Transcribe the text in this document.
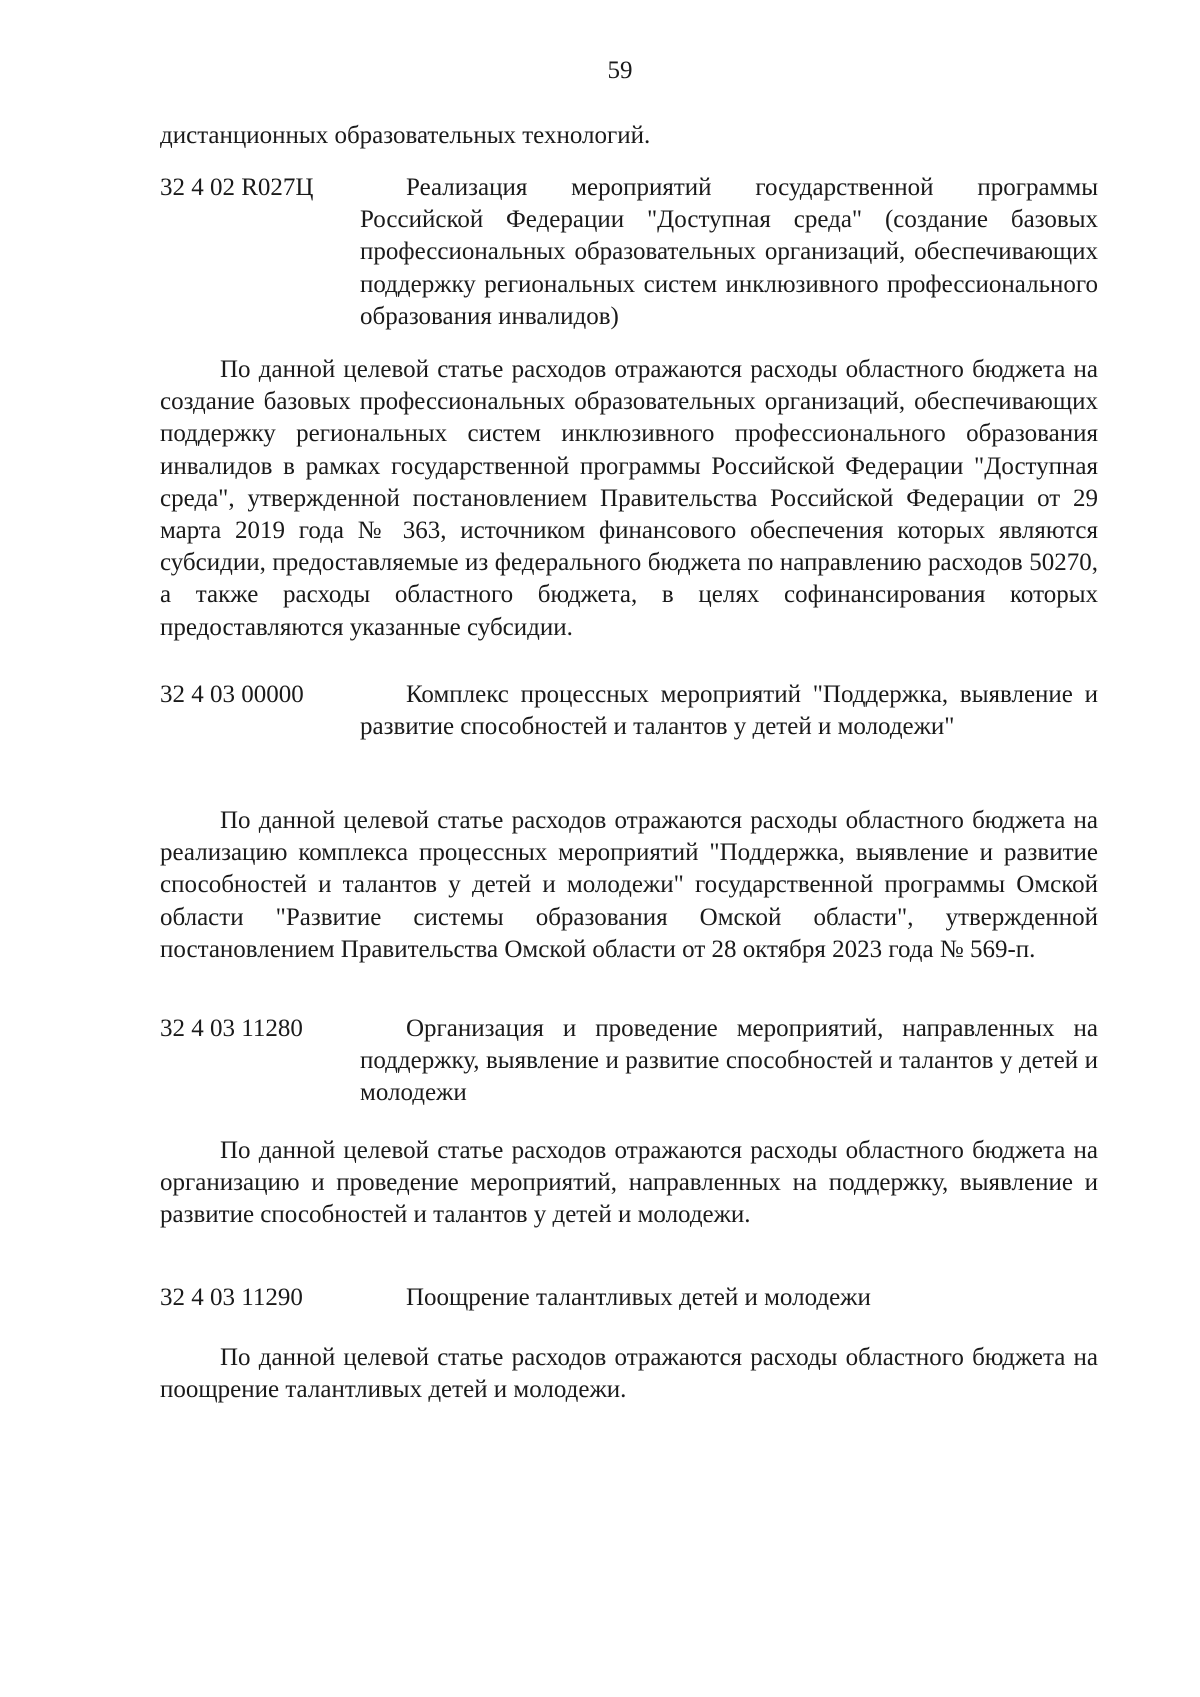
59

дистанционных образовательных технологий.

32 4 02 R027Ц	Реализация мероприятий государственной программы Российской Федерации "Доступная среда" (создание базовых профессиональных образовательных организаций, обеспечивающих поддержку региональных систем инклюзивного профессионального образования инвалидов)

По данной целевой статье расходов отражаются расходы областного бюджета на создание базовых профессиональных образовательных организаций, обеспечивающих поддержку региональных систем инклюзивного профессионального образования инвалидов в рамках государственной программы Российской Федерации "Доступная среда", утвержденной постановлением Правительства Российской Федерации от 29 марта 2019 года № 363, источником финансового обеспечения которых являются субсидии, предоставляемые из федерального бюджета по направлению расходов 50270, а также расходы областного бюджета, в целях софинансирования которых предоставляются указанные субсидии.

32 4 03 00000	Комплекс процессных мероприятий "Поддержка, выявление и развитие способностей и талантов у детей и молодежи"

По данной целевой статье расходов отражаются расходы областного бюджета на реализацию комплекса процессных мероприятий "Поддержка, выявление и развитие способностей и талантов у детей и молодежи" государственной программы Омской области "Развитие системы образования Омской области", утвержденной постановлением Правительства Омской области от 28 октября 2023 года № 569-п.

32 4 03 11280	Организация и проведение мероприятий, направленных на поддержку, выявление и развитие способностей и талантов у детей и молодежи

По данной целевой статье расходов отражаются расходы областного бюджета на организацию и проведение мероприятий, направленных на поддержку, выявление и развитие способностей и талантов у детей и молодежи.

32 4 03 11290	Поощрение талантливых детей и молодежи

По данной целевой статье расходов отражаются расходы областного бюджета на поощрение талантливых детей и молодежи.
